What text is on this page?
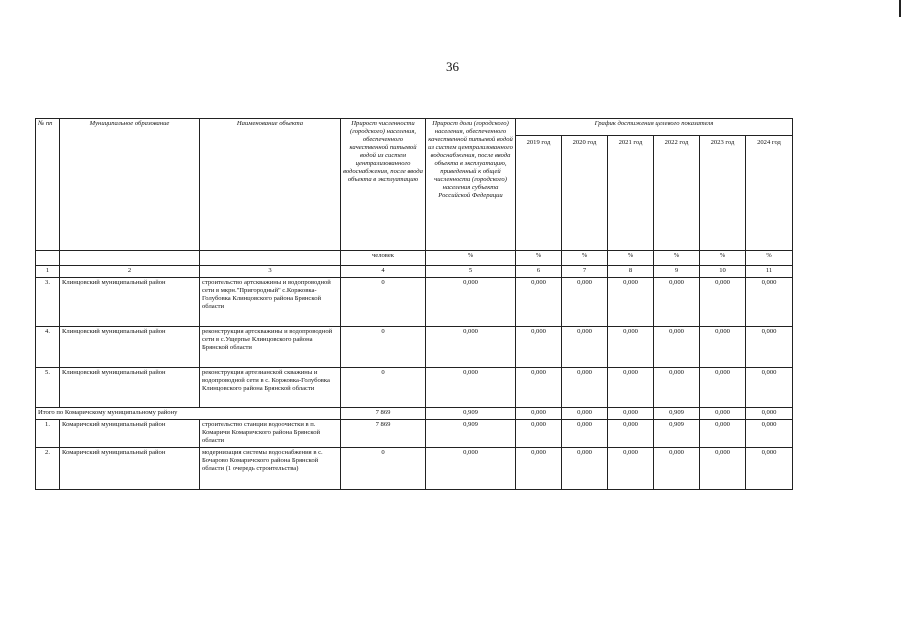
36
№ пп	Муниципальное образование	Наименование объекта	Прирост численности (городского) населения, обеспеченного качественной питьевой водой из систем централизованного водоснабжения, после ввода объекта в эксплуатацию	Прирост доли (городского) населения, обеспеченного качественной питьевой водой из систем централизованного водоснабжения, после ввода объекта в эксплуатацию, приведенный к общей численности (городского) населения субъекта Российской Федерации	График достижения целевого показателя					
					2019 год	2020 год	2021 год	2022 год	2023 год	2024 год
			человек	%	%	%	%	%	%	%
1	2	3	4	5	6	7	8	9	10	11
3.	Клинцовский муниципальный район	строительство артскважины и водопроводной сети в мкрн."Пригородный" с.Коржовка-Голубовка Клинцовского района Брянской области	0	0,000	0,000	0,000	0,000	0,000	0,000	0,000
4.	Клинцовский муниципальный район	реконструкция артскважины и водопроводной сети в с.Ущерпье Клинцовского района Брянской области	0	0,000	0,000	0,000	0,000	0,000	0,000	0,000
5.	Клинцовский муниципальный район	реконструкция артезианской скважины и водопроводной сети в с. Коржовка-Голубовка Клинцовского района Брянской области	0	0,000	0,000	0,000	0,000	0,000	0,000	0,000
Итого по Комаричскому муниципальному району			7 869	0,909	0,000	0,000	0,000	0,909	0,000	0,000
1.	Комаричский муниципальный район	строительство станции водоочистки в п. Комаричи Комаричского района Брянской области	7 869	0,909	0,000	0,000	0,000	0,909	0,000	0,000
2.	Комаричский муниципальный район	модернизация системы водоснабжения в с. Бочарово Комаричского района Брянской области (1 очередь строительства)	0	0,000	0,000	0,000	0,000	0,000	0,000	0,000
